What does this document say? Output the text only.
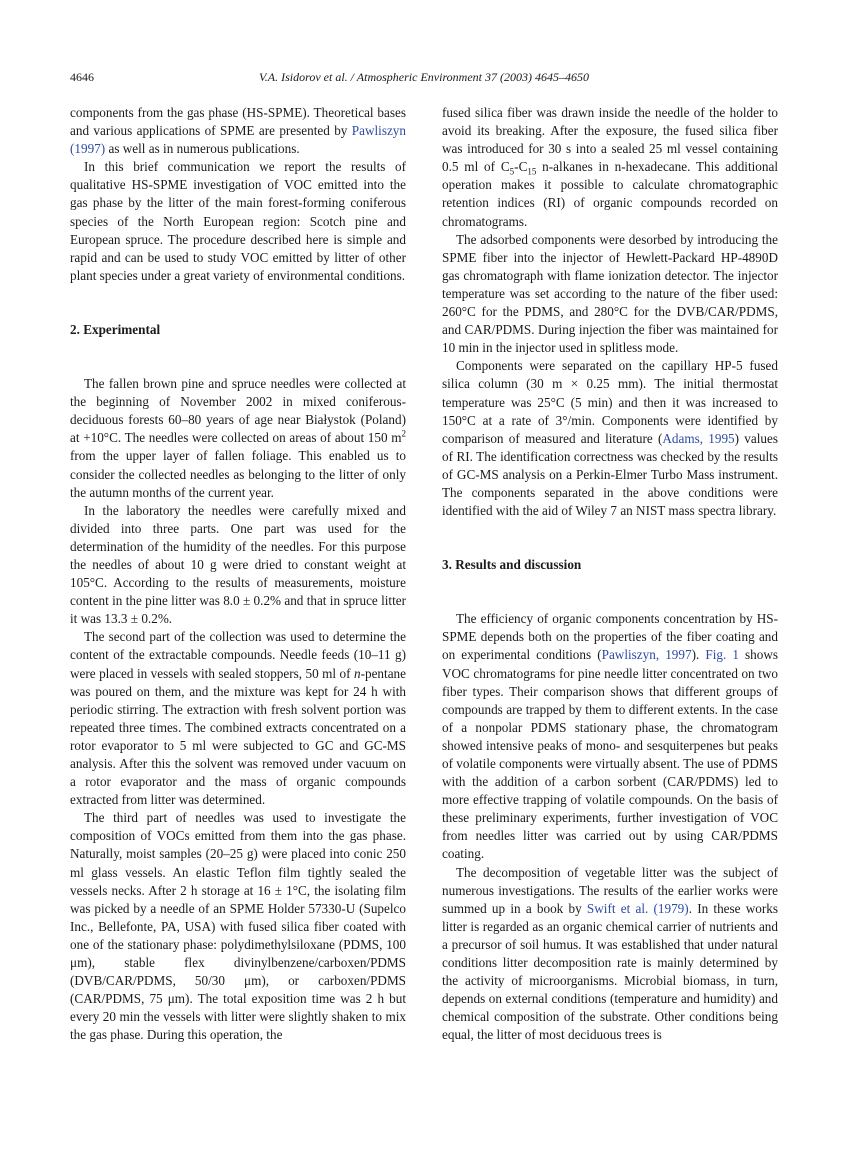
4646	V.A. Isidorov et al. / Atmospheric Environment 37 (2003) 4645–4650

components from the gas phase (HS-SPME). Theoretical bases and various applications of SPME are presented by Pawliszyn (1997) as well as in numerous publications.

In this brief communication we report the results of qualitative HS-SPME investigation of VOC emitted into the gas phase by the litter of the main forest-forming coniferous species of the North European region: Scotch pine and European spruce. The procedure described here is simple and rapid and can be used to study VOC emitted by litter of other plant species under a great variety of environmental conditions.

2. Experimental

The fallen brown pine and spruce needles were collected at the beginning of November 2002 in mixed coniferous-deciduous forests 60–80 years of age near Białystok (Poland) at +10°C. The needles were collected on areas of about 150 $m^2$ from the upper layer of fallen foliage. This enabled us to consider the collected needles as belonging to the litter of only the autumn months of the current year.

In the laboratory the needles were carefully mixed and divided into three parts. One part was used for the determination of the humidity of the needles. For this purpose the needles of about 10 g were dried to constant weight at 105°C. According to the results of measurements, moisture content in the pine litter was 8.0 ± 0.2% and that in spruce litter it was 13.3 ± 0.2%.

The second part of the collection was used to determine the content of the extractable compounds. Needle feeds (10–11 g) were placed in vessels with sealed stoppers, 50 ml of n-pentane was poured on them, and the mixture was kept for 24 h with periodic stirring. The extraction with fresh solvent portion was repeated three times. The combined extracts concentrated on a rotor evaporator to 5 ml were subjected to GC and GC-MS analysis. After this the solvent was removed under vacuum on a rotor evaporator and the mass of organic compounds extracted from litter was determined.

The third part of needles was used to investigate the composition of VOCs emitted from them into the gas phase. Naturally, moist samples (20–25 g) were placed into conic 250 ml glass vessels. An elastic Teflon film tightly sealed the vessels necks. After 2 h storage at 16 ± 1°C, the isolating film was picked by a needle of an SPME Holder 57330-U (Supelco Inc., Bellefonte, PA, USA) with fused silica fiber coated with one of the stationary phase: polydimethylsiloxane (PDMS, 100 μm), stable flex divinylbenzene/carboxen/PDMS (DVB/CAR/PDMS, 50/30 μm), or carboxen/PDMS (CAR/PDMS, 75 μm). The total exposition time was 2 h but every 20 min the vessels with litter were slightly shaken to mix the gas phase. During this operation, the

fused silica fiber was drawn inside the needle of the holder to avoid its breaking. After the exposure, the fused silica fiber was introduced for 30 s into a sealed 25 ml vessel containing 0.5 ml of $C_5-C_{15}$ n-alkanes in n-hexadecane. This additional operation makes it possible to calculate chromatographic retention indices (RI) of organic compounds recorded on chromatograms.

The adsorbed components were desorbed by introducing the SPME fiber into the injector of Hewlett-Packard HP-4890D gas chromatograph with flame ionization detector. The injector temperature was set according to the nature of the fiber used: 260°C for the PDMS, and 280°C for the DVB/CAR/PDMS, and CAR/PDMS. During injection the fiber was maintained for 10 min in the injector used in splitless mode.

Components were separated on the capillary HP-5 fused silica column (30 m × 0.25 mm). The initial thermostat temperature was 25°C (5 min) and then it was increased to 150°C at a rate of 3°/min. Components were identified by comparison of measured and literature (Adams, 1995) values of RI. The identification correctness was checked by the results of GC-MS analysis on a Perkin-Elmer Turbo Mass instrument. The components separated in the above conditions were identified with the aid of Wiley 7 an NIST mass spectra library.

3. Results and discussion

The efficiency of organic components concentration by HS-SPME depends both on the properties of the fiber coating and on experimental conditions (Pawliszyn, 1997). Fig. 1 shows VOC chromatograms for pine needle litter concentrated on two fiber types. Their comparison shows that different groups of compounds are trapped by them to different extents. In the case of a nonpolar PDMS stationary phase, the chromatogram showed intensive peaks of mono- and sesquiterpenes but peaks of volatile components were virtually absent. The use of PDMS with the addition of a carbon sorbent (CAR/PDMS) led to more effective trapping of volatile compounds. On the basis of these preliminary experiments, further investigation of VOC from needles litter was carried out by using CAR/PDMS coating.

The decomposition of vegetable litter was the subject of numerous investigations. The results of the earlier works were summed up in a book by Swift et al. (1979). In these works litter is regarded as an organic chemical carrier of nutrients and a precursor of soil humus. It was established that under natural conditions litter decomposition rate is mainly determined by the activity of microorganisms. Microbial biomass, in turn, depends on external conditions (temperature and humidity) and chemical composition of the substrate. Other conditions being equal, the litter of most deciduous trees is
